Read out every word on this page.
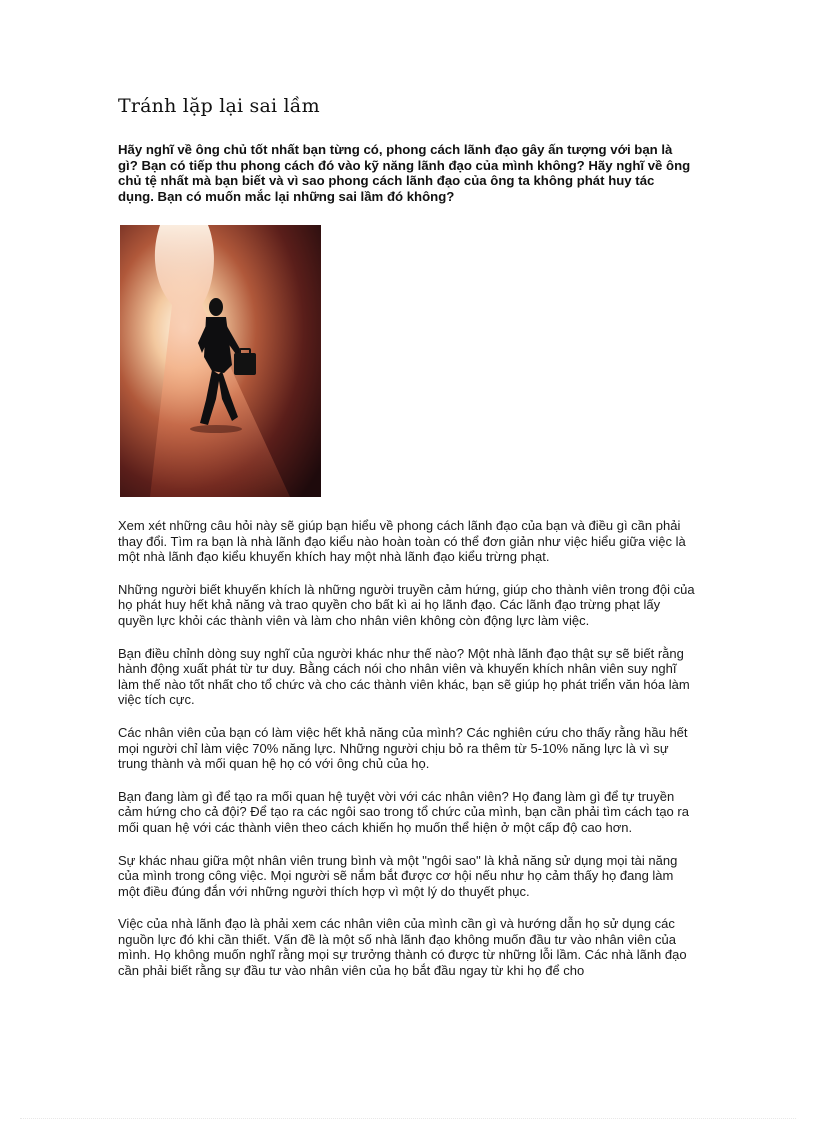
Tránh lặp lại sai lầm

Hãy nghĩ về ông chủ tốt nhất bạn từng có, phong cách lãnh đạo gây ấn tượng với bạn là gì? Bạn có tiếp thu phong cách đó vào kỹ năng lãnh đạo của mình không? Hãy nghĩ về ông chủ tệ nhất mà bạn biết và vì sao phong cách lãnh đạo của ông ta không phát huy tác dụng. Bạn có muốn mắc lại những sai lầm đó không?

Xem xét những câu hỏi này sẽ giúp bạn hiểu về phong cách lãnh đạo của bạn và điều gì cần phải thay đổi. Tìm ra bạn là nhà lãnh đạo kiểu nào hoàn toàn có thể đơn giản như việc hiểu giữa việc là một nhà lãnh đạo kiểu khuyến khích hay một nhà lãnh đạo kiểu trừng phạt.

Những người biết khuyến khích là những người truyền cảm hứng, giúp cho thành viên trong đội của họ phát huy hết khả năng và trao quyền cho bất kì ai họ lãnh đạo. Các lãnh đạo trừng phạt lấy quyền lực khỏi các thành viên và làm cho nhân viên không còn động lực làm việc.

Bạn điều chỉnh dòng suy nghĩ của người khác như thế nào? Một nhà lãnh đạo thật sự sẽ biết rằng hành động xuất phát từ tư duy. Bằng cách nói cho nhân viên và khuyến khích nhân viên suy nghĩ làm thế nào tốt nhất cho tổ chức và cho các thành viên khác, bạn sẽ giúp họ phát triển văn hóa làm việc tích cực.

Các nhân viên của bạn có làm việc hết khả năng của mình? Các nghiên cứu cho thấy rằng hầu hết mọi người chỉ làm việc 70% năng lực. Những người chịu bỏ ra thêm từ 5-10% năng lực là vì sự trung thành và mối quan hệ họ có với ông chủ của họ.

Bạn đang làm gì để tạo ra mối quan hệ tuyệt vời với các nhân viên? Họ đang làm gì để tự truyền cảm hứng cho cả đội? Để tạo ra các ngôi sao trong tổ chức của mình, bạn cần phải tìm cách tạo ra mối quan hệ với các thành viên theo cách khiến họ muốn thể hiện ở một cấp độ cao hơn.

Sự khác nhau giữa một nhân viên trung bình và một "ngôi sao" là khả năng sử dụng mọi tài năng của mình trong công việc. Mọi người sẽ nắm bắt được cơ hội nếu như họ cảm thấy họ đang làm một điều đúng đắn với những người thích hợp vì một lý do thuyết phục.

Việc của nhà lãnh đạo là phải xem các nhân viên của mình cần gì và hướng dẫn họ sử dụng các nguồn lực đó khi cần thiết. Vấn đề là một số nhà lãnh đạo không muốn đầu tư vào nhân viên của mình. Họ không muốn nghĩ rằng mọi sự trưởng thành có được từ những lỗi lầm. Các nhà lãnh đạo cần phải biết rằng sự đầu tư vào nhân viên của họ bắt đầu ngay từ khi họ để cho
